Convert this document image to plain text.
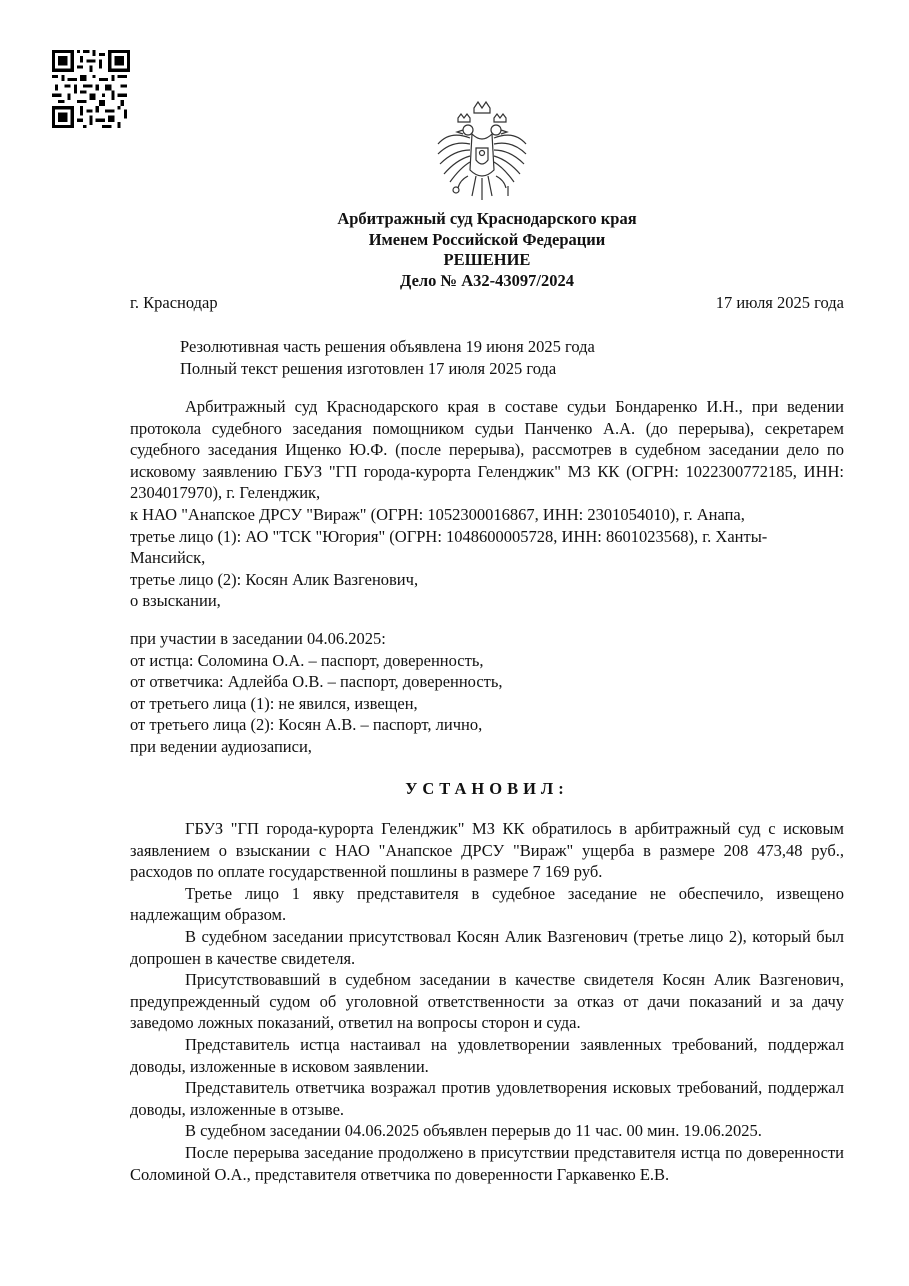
Арбитражный суд Краснодарского края
Именем Российской Федерации
РЕШЕНИЕ
Дело № А32-43097/2024
г. Краснодар	17 июля 2025 года
Резолютивная часть решения объявлена 19 июня 2025 года
Полный текст решения изготовлен 17 июля 2025 года

Арбитражный суд Краснодарского края в составе судьи Бондаренко И.Н., при ведении протокола судебного заседания помощником судьи Панченко А.А. (до перерыва), секретарем судебного заседания Ищенко Ю.Ф. (после перерыва), рассмотрев в судебном заседании дело по исковому заявлению ГБУЗ "ГП города-курорта Геленджик" МЗ КК (ОГРН: 1022300772185, ИНН: 2304017970), г. Геленджик,

к НАО "Анапское ДРСУ "Вираж" (ОГРН: 1052300016867, ИНН: 2301054010), г. Анапа,

третье лицо (1): АО "ТСК "Югория" (ОГРН: 1048600005728, ИНН: 8601023568), г. Ханты-

Мансийск,

третье лицо (2): Косян Алик Вазгенович,

о взыскании,

при участии в заседании 04.06.2025:

от истца: Соломина О.А. – паспорт, доверенность,

от ответчика: Адлейба О.В. – паспорт, доверенность,

от третьего лица (1): не явился, извещен,

от третьего лица (2): Косян А.В. – паспорт, лично,

при ведении аудиозаписи,

УСТАНОВИЛ:

ГБУЗ "ГП города-курорта Геленджик" МЗ КК обратилось в арбитражный суд с исковым заявлением о взыскании с НАО "Анапское ДРСУ "Вираж" ущерба в размере 208 473,48 руб., расходов по оплате государственной пошлины в размере 7 169 руб.

Третье лицо 1 явку представителя в судебное заседание не обеспечило, извещено надлежащим образом.

В судебном заседании присутствовал Косян Алик Вазгенович (третье лицо 2), который был допрошен в качестве свидетеля.

Присутствовавший в судебном заседании в качестве свидетеля Косян Алик Вазгенович, предупрежденный судом об уголовной ответственности за отказ от дачи показаний и за дачу заведомо ложных показаний, ответил на вопросы сторон и суда.

Представитель истца настаивал на удовлетворении заявленных требований, поддержал доводы, изложенные в исковом заявлении.

Представитель ответчика возражал против удовлетворения исковых требований, поддержал доводы, изложенные в отзыве.

В судебном заседании 04.06.2025 объявлен перерыв до 11 час. 00 мин. 19.06.2025.

После перерыва заседание продолжено в присутствии представителя истца по доверенности Соломиной О.А., представителя ответчика по доверенности Гаркавенко Е.В.
